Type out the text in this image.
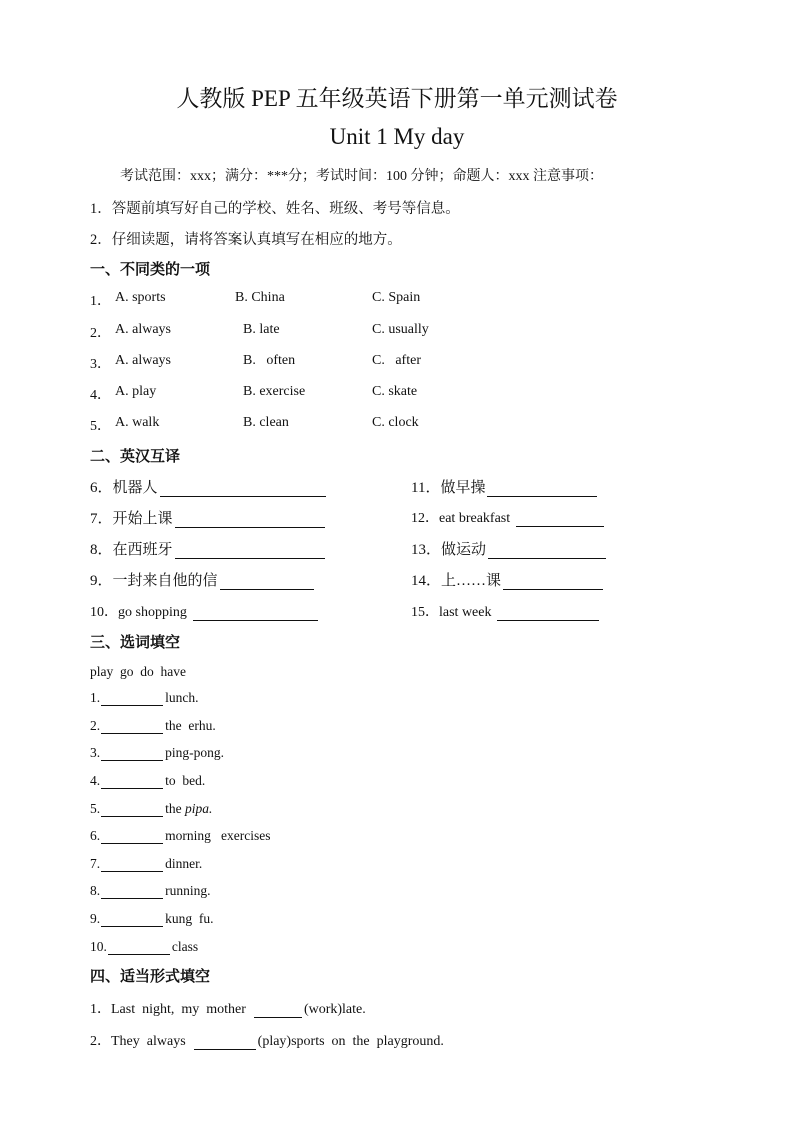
人教版 PEP 五年级英语下册第一单元测试卷
Unit 1 My day
考试范围：xxx；满分：***分；考试时间：100 分钟；命题人：xxx 注意事项：
1．答题前填写好自己的学校、姓名、班级、考号等信息。
2．仔细读题，请将答案认真填写在相应的地方。
一、不同类的一项
1． A. sports	B. China	C. Spain
2． A. always	B. late	C. usually
3． A. always	B.   often	C.   after
4． A. play	B. exercise	C. skate
5． A. walk	B. clean	C. clock
二、英汉互译
6． 机器人
7． 开始上课
8． 在西班牙
9． 一封来自他的信
10． go shopping
11． 做早操
12． eat breakfast
13． 做运动
14． 上……课
15． last week
三、选词填空
play  go  do  have
1.	lunch.
2.	the  erhu.
3.	ping-pong.
4.	to  bed.
5.	the
pipa.
6.	morning   exercises
7.	dinner.
8.	running.
9.	kung  fu.
10.	class
四、适当形式填空
1． Last  night,  my  mother	(work)late.
2． They  always	(play)sports  on  the  playground.
